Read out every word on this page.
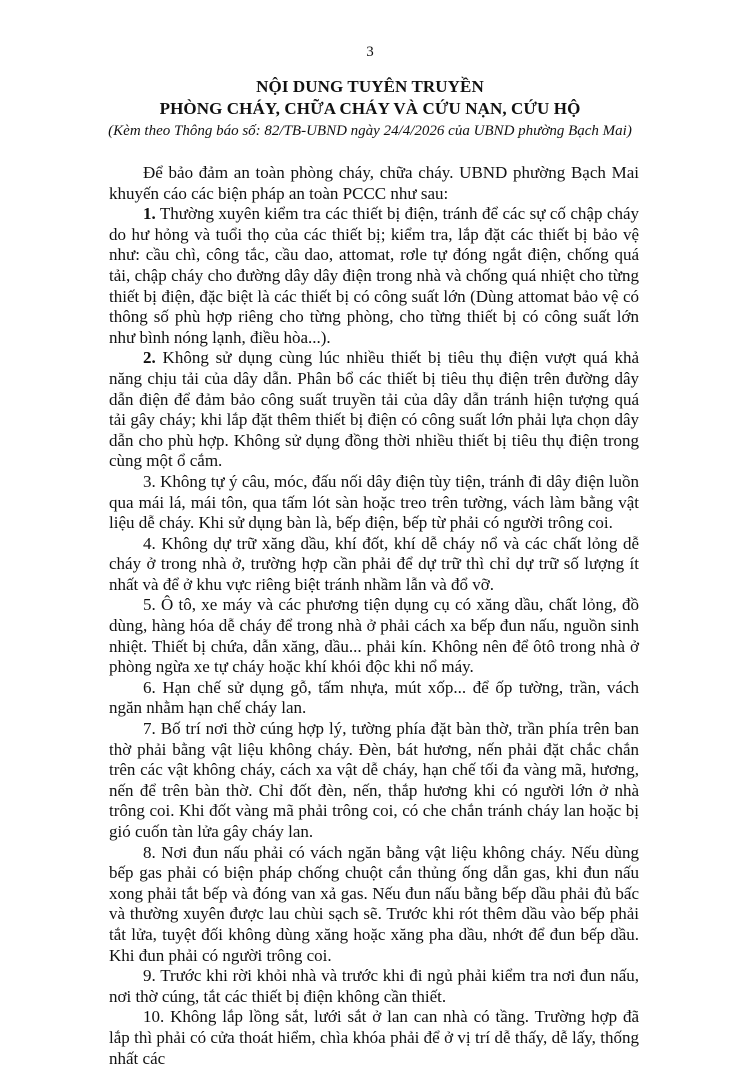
3
NỘI DUNG TUYÊN TRUYỀN
PHÒNG CHÁY, CHỮA CHÁY VÀ CỨU NẠN, CỨU HỘ
(Kèm theo Thông báo số: 82/TB-UBND ngày 24/4/2026 của UBND phường Bạch Mai)

Để bảo đảm an toàn phòng cháy, chữa cháy. UBND phường Bạch Mai khuyến cáo các biện pháp an toàn PCCC như sau:

1. Thường xuyên kiểm tra các thiết bị điện, tránh để các sự cố chập cháy do hư hỏng và tuổi thọ của các thiết bị; kiểm tra, lắp đặt các thiết bị bảo vệ như: cầu chì, công tắc, cầu dao, attomat, rơle tự đóng ngắt điện, chống quá tải, chập cháy cho đường dây dây điện trong nhà và chống quá nhiệt cho từng thiết bị điện, đặc biệt là các thiết bị có công suất lớn (Dùng attomat bảo vệ có thông số phù hợp riêng cho từng phòng, cho từng thiết bị có công suất lớn như bình nóng lạnh, điều hòa...).

2. Không sử dụng cùng lúc nhiều thiết bị tiêu thụ điện vượt quá khả năng chịu tải của dây dẫn. Phân bổ các thiết bị tiêu thụ điện trên đường dây dẫn điện để đảm bảo công suất truyền tải của dây dẫn tránh hiện tượng quá tải gây cháy; khi lắp đặt thêm thiết bị điện có công suất lớn phải lựa chọn dây dẫn cho phù hợp. Không sử dụng đồng thời nhiều thiết bị tiêu thụ điện trong cùng một ổ cắm.

3. Không tự ý câu, móc, đấu nối dây điện tùy tiện, tránh đi dây điện luồn qua mái lá, mái tôn, qua tấm lót sàn hoặc treo trên tường, vách làm bằng vật liệu dễ cháy. Khi sử dụng bàn là, bếp điện, bếp từ phải có người trông coi.

4. Không dự trữ xăng dầu, khí đốt, khí dễ cháy nổ và các chất lỏng dễ cháy ở trong nhà ở, trường hợp cần phải để dự trữ thì chỉ dự trữ số lượng ít nhất và để ở khu vực riêng biệt tránh nhầm lẫn và đổ vỡ.

5. Ô tô, xe máy và các phương tiện dụng cụ có xăng dầu, chất lỏng, đồ dùng, hàng hóa dễ cháy để trong nhà ở phải cách xa bếp đun nấu, nguồn sinh nhiệt. Thiết bị chứa, dẫn xăng, dầu... phải kín. Không nên để ôtô trong nhà ở phòng ngừa xe tự cháy hoặc khí khói độc khi nổ máy.

6. Hạn chế sử dụng gỗ, tấm nhựa, mút xốp... để ốp tường, trần, vách ngăn nhằm hạn chế cháy lan.

7. Bố trí nơi thờ cúng hợp lý, tường phía đặt bàn thờ, trần phía trên ban thờ phải bằng vật liệu không cháy. Đèn, bát hương, nến phải đặt chắc chắn trên các vật không cháy, cách xa vật dễ cháy, hạn chế tối đa vàng mã, hương, nến để trên bàn thờ. Chỉ đốt đèn, nến, thắp hương khi có người lớn ở nhà trông coi. Khi đốt vàng mã phải trông coi, có che chắn tránh cháy lan hoặc bị gió cuốn tàn lửa gây cháy lan.

8. Nơi đun nấu phải có vách ngăn bằng vật liệu không cháy. Nếu dùng bếp gas phải có biện pháp chống chuột cắn thủng ống dẫn gas, khi đun nấu xong phải tắt bếp và đóng van xả gas. Nếu đun nấu bằng bếp dầu phải đủ bấc và thường xuyên được lau chùi sạch sẽ. Trước khi rót thêm dầu vào bếp phải tắt lửa, tuyệt đối không dùng xăng hoặc xăng pha dầu, nhớt để đun bếp dầu. Khi đun phải có người trông coi.

9. Trước khi rời khỏi nhà và trước khi đi ngủ phải kiểm tra nơi đun nấu, nơi thờ cúng, tắt các thiết bị điện không cần thiết.

10. Không lắp lồng sắt, lưới sắt ở lan can nhà có tầng. Trường hợp đã lắp thì phải có cửa thoát hiểm, chìa khóa phải để ở vị trí dễ thấy, dễ lấy, thống nhất các
